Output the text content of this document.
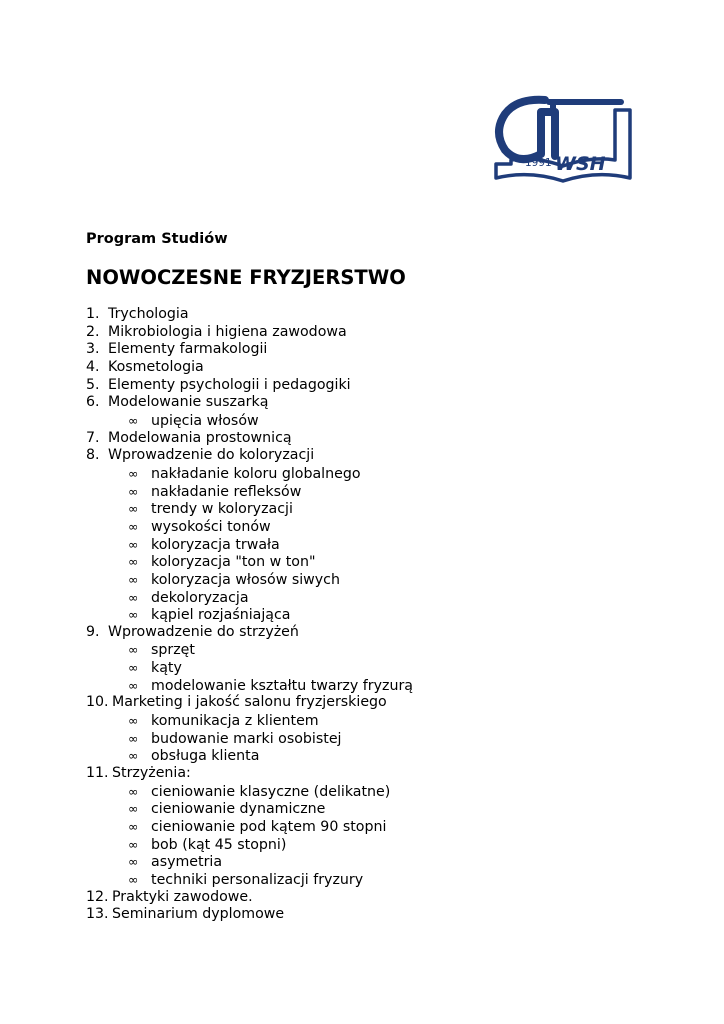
1991 WSH
Program Studiów
NOWOCZESNE FRYZJERSTWO
1. Trychologia
2. Mikrobiologia i higiena zawodowa
3. Elementy farmakologii
4. Kosmetologia
5. Elementy psychologii i pedagogiki
6. Modelowanie suszarką
∞ upięcia włosów
7. Modelowania prostownicą
8. Wprowadzenie do koloryzacji
∞ nakładanie koloru globalnego
∞ nakładanie refleksów
∞ trendy w koloryzacji
∞ wysokości tonów
∞ koloryzacja trwała
∞ koloryzacja "ton w ton"
∞ koloryzacja włosów siwych
∞ dekoloryzacja
∞ kąpiel rozjaśniająca
9. Wprowadzenie do strzyżeń
∞ sprzęt
∞ kąty
∞ modelowanie kształtu twarzy fryzurą
10. Marketing i jakość salonu fryzjerskiego
∞ komunikacja z klientem
∞ budowanie marki osobistej
∞ obsługa klienta
11. Strzyżenia:
∞ cieniowanie klasyczne (delikatne)
∞ cieniowanie dynamiczne
∞ cieniowanie pod kątem 90 stopni
∞ bob (kąt 45 stopni)
∞ asymetria
∞ techniki personalizacji fryzury
12. Praktyki zawodowe.
13. Seminarium dyplomowe
